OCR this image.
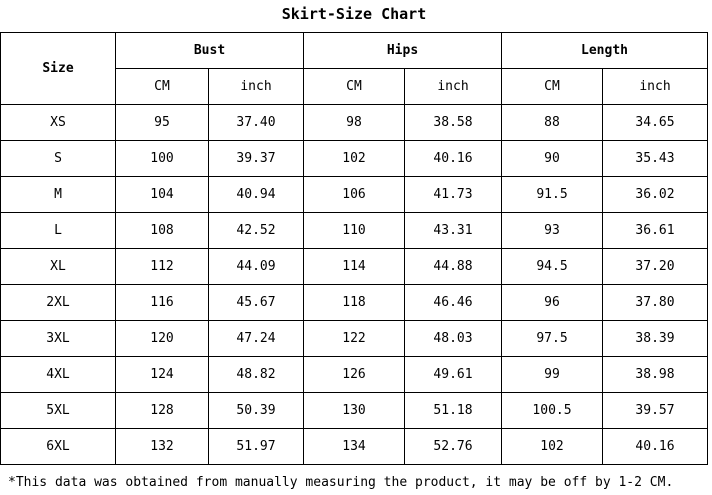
Skirt-Size Chart
Size	Bust		Hips		Length	
	CM	inch	CM	inch	CM	inch
XS	95	37.40	98	38.58	88	34.65
S	100	39.37	102	40.16	90	35.43
M	104	40.94	106	41.73	91.5	36.02
L	108	42.52	110	43.31	93	36.61
XL	112	44.09	114	44.88	94.5	37.20
2XL	116	45.67	118	46.46	96	37.80
3XL	120	47.24	122	48.03	97.5	38.39
4XL	124	48.82	126	49.61	99	38.98
5XL	128	50.39	130	51.18	100.5	39.57
6XL	132	51.97	134	52.76	102	40.16
*This data was obtained from manually measuring the product, it may be off by 1-2 CM.
